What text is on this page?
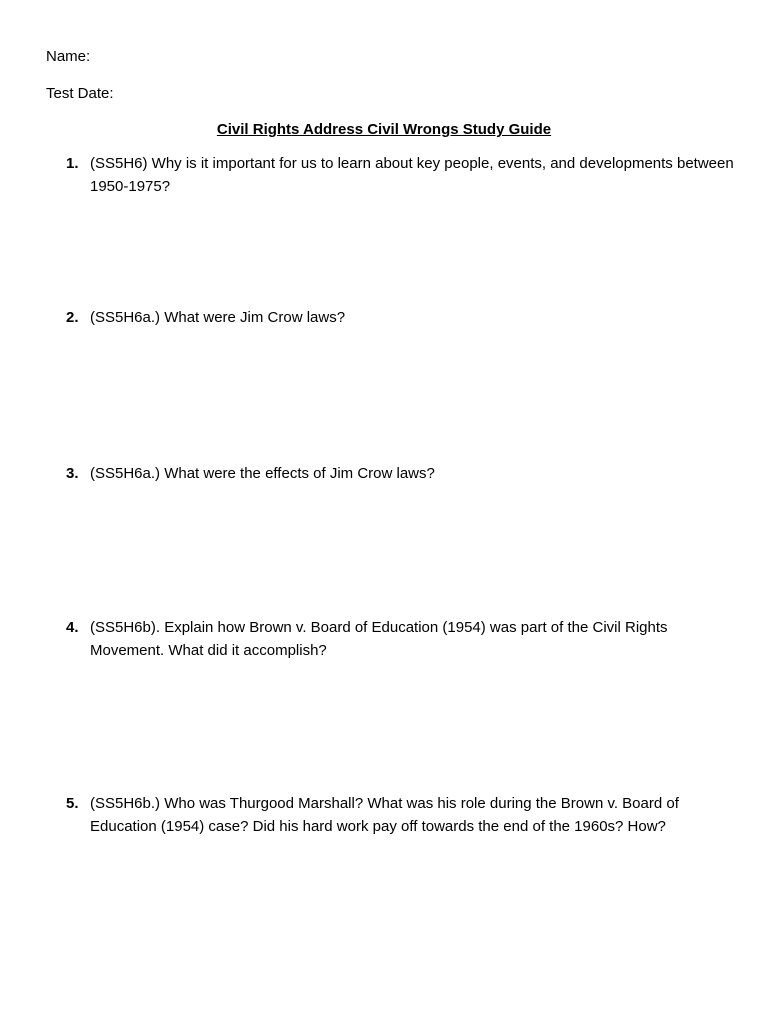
Name:
Test Date:
Civil Rights Address Civil Wrongs Study Guide
1. (SS5H6) Why is it important for us to learn about key people, events, and developments between 1950-1975?
2. (SS5H6a.) What were Jim Crow laws?
3. (SS5H6a.) What were the effects of Jim Crow laws?
4. (SS5H6b). Explain how Brown v. Board of Education (1954) was part of the Civil Rights Movement. What did it accomplish?
5. (SS5H6b.) Who was Thurgood Marshall? What was his role during the Brown v. Board of Education (1954) case? Did his hard work pay off towards the end of the 1960s? How?
